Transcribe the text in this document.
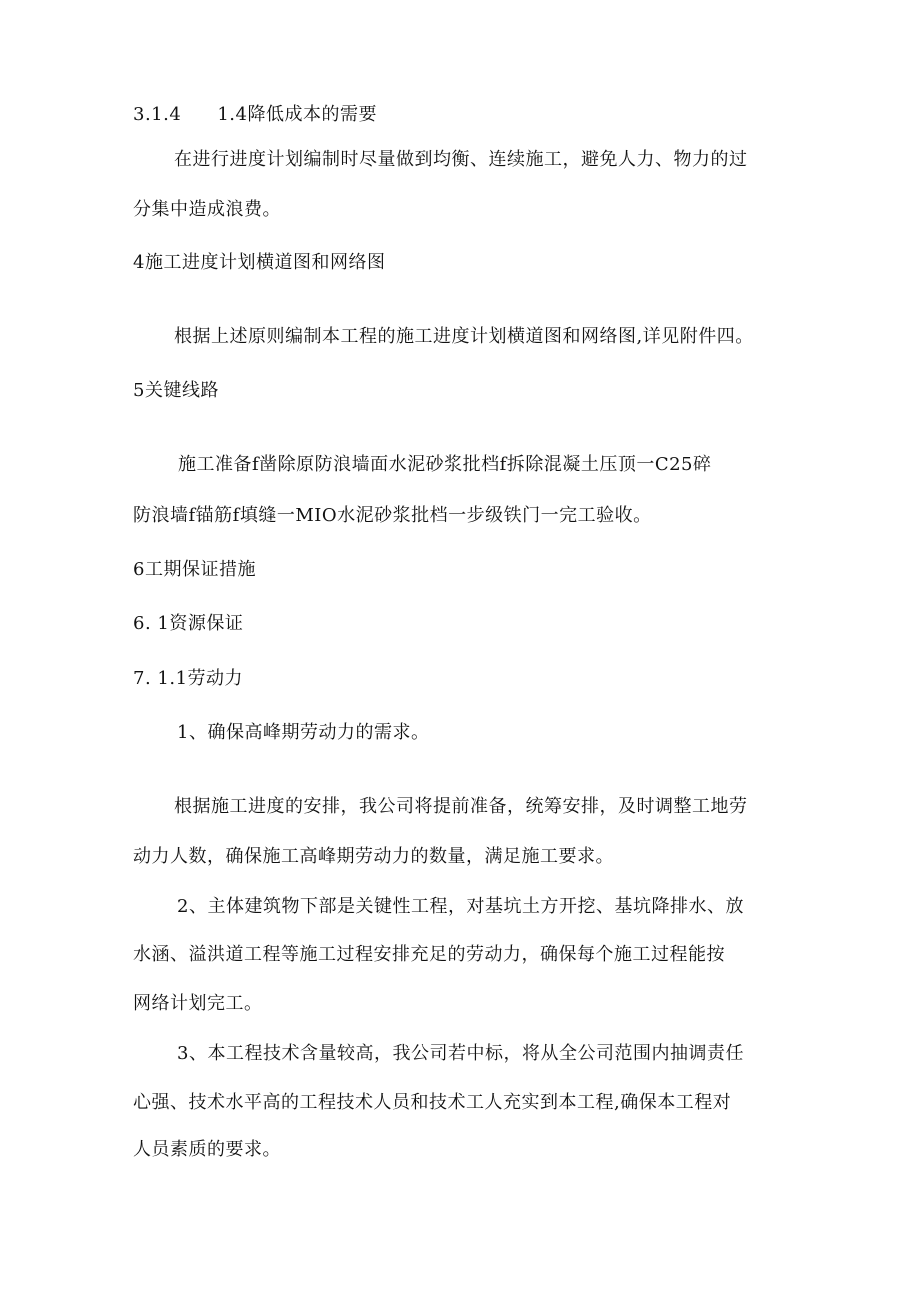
3.1.4 1.4降低成本的需要
在进行进度计划编制时尽量做到均衡、连续施工，避免人力、物力的过
分集中造成浪费。
4施工进度计划横道图和网络图
根据上述原则编制本工程的施工进度计划横道图和网络图,详见附件四。
5关键线路
施工准备f凿除原防浪墙面水泥砂浆批档f拆除混凝土压顶一C25碎
防浪墙f锚筋f填缝一MIO水泥砂浆批档一步级铁门一完工验收。
6工期保证措施
6. 1资源保证
7. 1.1劳动力
1、确保高峰期劳动力的需求。
根据施工进度的安排，我公司将提前准备，统筹安排，及时调整工地劳
动力人数，确保施工高峰期劳动力的数量，满足施工要求。
2、主体建筑物下部是关键性工程，对基坑土方开挖、基坑降排水、放
水涵、溢洪道工程等施工过程安排充足的劳动力，确保每个施工过程能按
网络计划完工。
3、本工程技术含量较高，我公司若中标，将从全公司范围内抽调责任
心强、技术水平高的工程技术人员和技术工人充实到本工程,确保本工程对
人员素质的要求。
